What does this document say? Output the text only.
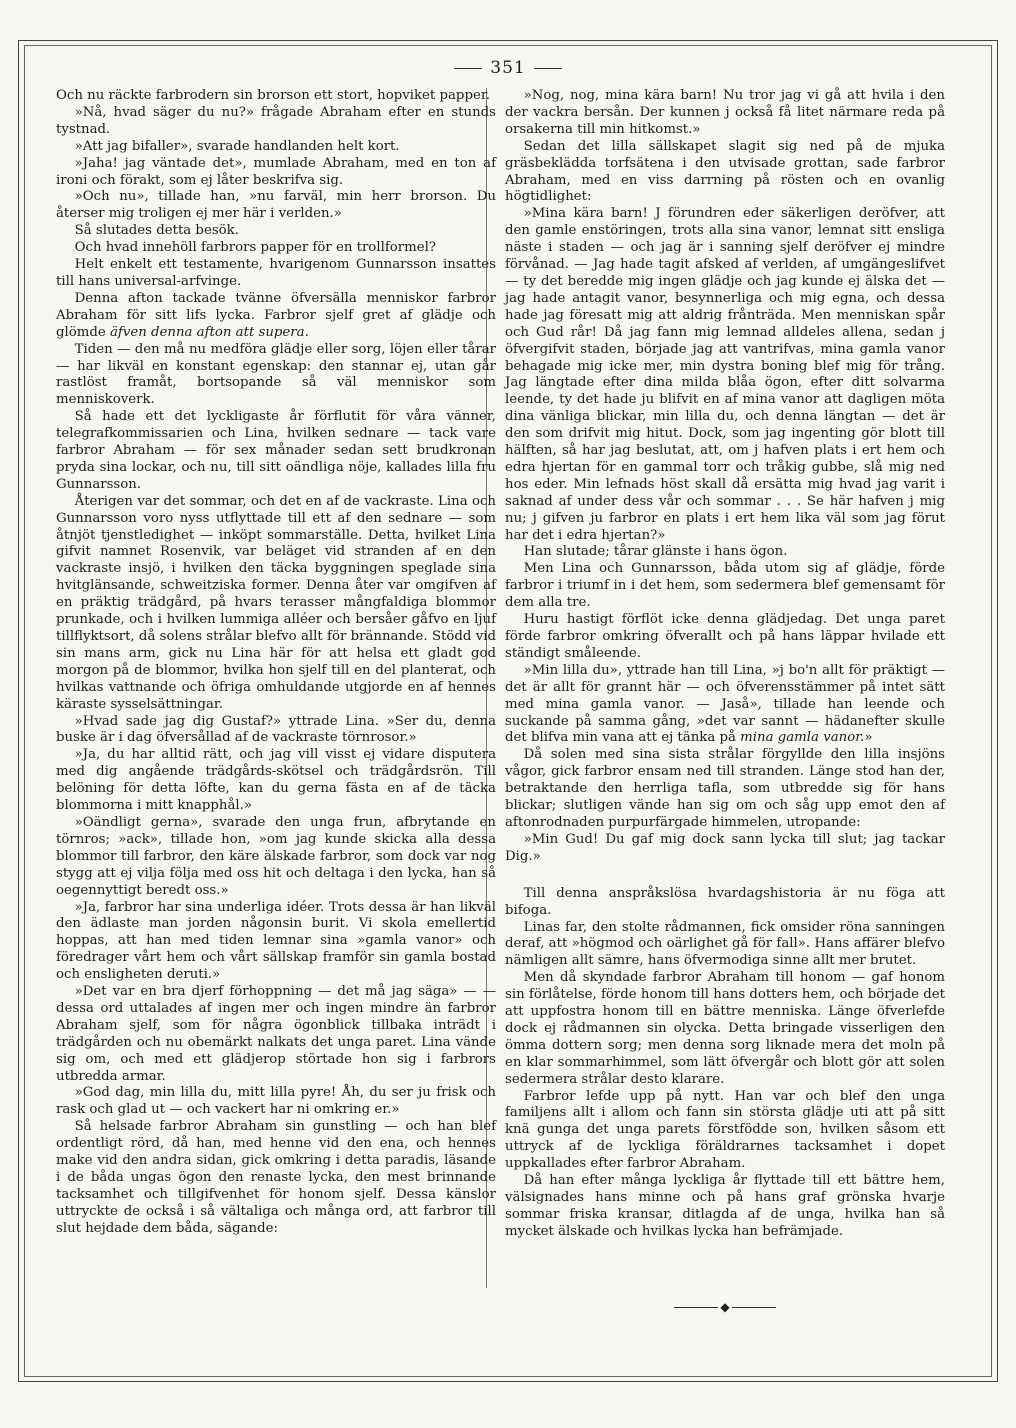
351

Och nu räckte farbrodern sin brorson ett stort, hopviket papper.

»Nå, hvad säger du nu?» frågade Abraham efter en stunds tystnad.

»Att jag bifaller», svarade handlanden helt kort.

»Jaha! jag väntade det», mumlade Abraham, med en ton af ironi och förakt, som ej låter beskrifva sig.

»Och nu», tillade han, »nu farväl, min herr brorson. Du återser mig troligen ej mer här i verlden.»

Så slutades detta besök.

Och hvad innehöll farbrors papper för en trollformel?

Helt enkelt ett testamente, hvarigenom Gunnarsson insattes till hans universal-arfvinge.

Denna afton tackade tvänne öfversälla menniskor farbror Abraham för sitt lifs lycka. Farbror sjelf gret af glädje och glömde äfven denna afton att supera.

Tiden — den må nu medföra glädje eller sorg, löjen eller tårar — har likväl en konstant egenskap: den stannar ej, utan går rastlöst framåt, bortsopande så väl menniskor som menniskoverk.

Så hade ett det lyckligaste år förflutit för våra vänner, telegrafkommissarien och Lina, hvilken sednare — tack vare farbror Abraham — för sex månader sedan sett brudkronan pryda sina lockar, och nu, till sitt oändliga nöje, kallades lilla fru Gunnarsson.

Återigen var det sommar, och det en af de vackraste. Lina och Gunnarsson voro nyss utflyttade till ett af den sednare — som åtnjöt tjenstledighet — inköpt sommarställe. Detta, hvilket Lina gifvit namnet Rosenvik, var beläget vid stranden af en den vackraste insjö, i hvilken den täcka byggningen speglade sina hvitglänsande, schweitziska former. Denna åter var omgifven af en präktig trädgård, på hvars terasser mångfaldiga blommor prunkade, och i hvilken lummiga alléer och bersåer gåfvo en ljuf tillflyktsort, då solens strålar blefvo allt för brännande. Stödd vid sin mans arm, gick nu Lina här för att helsa ett gladt god morgon på de blommor, hvilka hon sjelf till en del planterat, och hvilkas vattnande och öfriga omhuldande utgjorde en af hennes käraste sysselsättningar.

»Hvad sade jag dig Gustaf?» yttrade Lina. »Ser du, denna buske är i dag öfversållad af de vackraste törnrosor.»

»Ja, du har alltid rätt, och jag vill visst ej vidare disputera med dig angående trädgårds-skötsel och trädgårdsrön. Till belöning för detta löfte, kan du gerna fästa en af de täcka blommorna i mitt knapphål.»

»Oändligt gerna», svarade den unga frun, afbrytande en törnros; »ack», tillade hon, »om jag kunde skicka alla dessa blommor till farbror, den käre älskade farbror, som dock var nog stygg att ej vilja följa med oss hit och deltaga i den lycka, han så oegennyttigt beredt oss.»

»Ja, farbror har sina underliga idéer. Trots dessa är han likväl den ädlaste man jorden någonsin burit. Vi skola emellertid hoppas, att han med tiden lemnar sina »gamla vanor» och föredrager vårt hem och vårt sällskap framför sin gamla bostad och ensligheten deruti.»

»Det var en bra djerf förhoppning — det må jag säga» — — dessa ord uttalades af ingen mer och ingen mindre än farbror Abraham sjelf, som för några ögonblick tillbaka inträdt i trädgården och nu obemärkt nalkats det unga paret. Lina vände sig om, och med ett glädjerop störtade hon sig i farbrors utbredda armar.

»God dag, min lilla du, mitt lilla pyre! Åh, du ser ju frisk och rask och glad ut — och vackert har ni omkring er.»

Så helsade farbror Abraham sin gunstling — och han blef ordentligt rörd, då han, med henne vid den ena, och hennes make vid den andra sidan, gick omkring i detta paradis, läsande i de båda ungas ögon den renaste lycka, den mest brinnande tacksamhet och tillgifvenhet för honom sjelf. Dessa känslor uttryckte de också i så vältaliga och många ord, att farbror till slut hejdade dem båda, sägande:

»Nog, nog, mina kära barn! Nu tror jag vi gå att hvila i den der vackra bersån. Der kunnen j också få litet närmare reda på orsakerna till min hitkomst.»

Sedan det lilla sällskapet slagit sig ned på de mjuka gräsbeklädda torfsätena i den utvisade grottan, sade farbror Abraham, med en viss darrning på rösten och en ovanlig högtidlighet:

»Mina kära barn! J förundren eder säkerligen deröfver, att den gamle enstöringen, trots alla sina vanor, lemnat sitt ensliga näste i staden — och jag är i sanning sjelf deröfver ej mindre förvånad. — Jag hade tagit afsked af verlden, af umgängeslifvet — ty det beredde mig ingen glädje och jag kunde ej älska det — jag hade antagit vanor, besynnerliga och mig egna, och dessa hade jag föresatt mig att aldrig frånträda. Men menniskan spår och Gud rår! Då jag fann mig lemnad alldeles allena, sedan j öfvergifvit staden, började jag att vantrifvas, mina gamla vanor behagade mig icke mer, min dystra boning blef mig för trång. Jag längtade efter dina milda blåa ögon, efter ditt solvarma leende, ty det hade ju blifvit en af mina vanor att dagligen möta dina vänliga blickar, min lilla du, och denna längtan — det är den som drifvit mig hitut. Dock, som jag ingenting gör blott till hälften, så har jag beslutat, att, om j hafven plats i ert hem och edra hjertan för en gammal torr och tråkig gubbe, slå mig ned hos eder. Min lefnads höst skall då ersätta mig hvad jag varit i saknad af under dess vår och sommar . . . Se här hafven j mig nu; j gifven ju farbror en plats i ert hem lika väl som jag förut har det i edra hjertan?»

Han slutade; tårar glänste i hans ögon.

Men Lina och Gunnarsson, båda utom sig af glädje, förde farbror i triumf in i det hem, som sedermera blef gemensamt för dem alla tre.

Huru hastigt förflöt icke denna glädjedag. Det unga paret förde farbror omkring öfverallt och på hans läppar hvilade ett ständigt småleende.

»Min lilla du», yttrade han till Lina, »j bo'n allt för präktigt — det är allt för grannt här — och öfverensstämmer på intet sätt med mina gamla vanor. — Jaså», tillade han leende och suckande på samma gång, »det var sannt — hädanefter skulle det blifva min vana att ej tänka på mina gamla vanor.»

Då solen med sina sista strålar förgyllde den lilla insjöns vågor, gick farbror ensam ned till stranden. Länge stod han der, betraktande den herrliga tafla, som utbredde sig för hans blickar; slutligen vände han sig om och såg upp emot den af aftonrodnaden purpurfärgade himmelen, utropande:

»Min Gud! Du gaf mig dock sann lycka till slut; jag tackar Dig.»

Till denna anspråkslösa hvardagshistoria är nu föga att bifoga.

Linas far, den stolte rådmannen, fick omsider röna sanningen deraf, att »högmod och oärlighet gå för fall». Hans affärer blefvo nämligen allt sämre, hans öfvermodiga sinne allt mer brutet.

Men då skyndade farbror Abraham till honom — gaf honom sin förlåtelse, förde honom till hans dotters hem, och började det att uppfostra honom till en bättre menniska. Länge öfverlefde dock ej rådmannen sin olycka. Detta bringade visserligen den ömma dottern sorg; men denna sorg liknade mera det moln på en klar sommarhimmel, som lätt öfvergår och blott gör att solen sedermera strålar desto klarare.

Farbror lefde upp på nytt. Han var och blef den unga familjens allt i allom och fann sin största glädje uti att på sitt knä gunga det unga parets förstfödde son, hvilken såsom ett uttryck af de lyckliga föräldrarnes tacksamhet i dopet uppkallades efter farbror Abraham.

Då han efter många lyckliga år flyttade till ett bättre hem, välsignades hans minne och på hans graf grönska hvarje sommar friska kransar, ditlagda af de unga, hvilka han så mycket älskade och hvilkas lycka han befrämjade.

◆
